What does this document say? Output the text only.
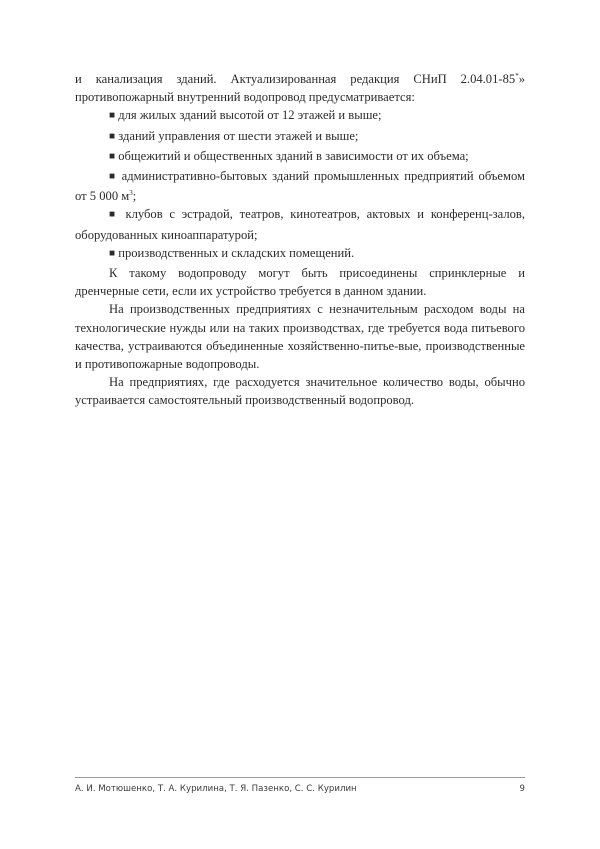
и канализация зданий. Актуализированная редакция СНиП 2.04.01-85*» противопожарный внутренний водопровод предусматривается:

■ для жилых зданий высотой от 12 этажей и выше;

■ зданий управления от шести этажей и выше;

■ общежитий и общественных зданий в зависимости от их объема;

■ административно-бытовых зданий промышленных предприятий объемом от 5 000 $м^3$;

■ клубов с эстрадой, театров, кинотеатров, актовых и конференц-залов, оборудованных киноаппаратурой;

■ производственных и складских помещений.

К такому водопроводу могут быть присоединены спринклерные и дренчерные сети, если их устройство требуется в данном здании.

На производственных предприятиях с незначительным расходом воды на технологические нужды или на таких производствах, где требуется вода питьевого качества, устраиваются объединенные хозяйственно-питье-вые, производственные и противопожарные водопроводы.

На предприятиях, где расходуется значительное количество воды, обычно устраивается самостоятельный производственный водопровод.

А. И. Мотюшенко, Т. А. Курилина, Т. Я. Пазенко, С. С. Курилин	9
